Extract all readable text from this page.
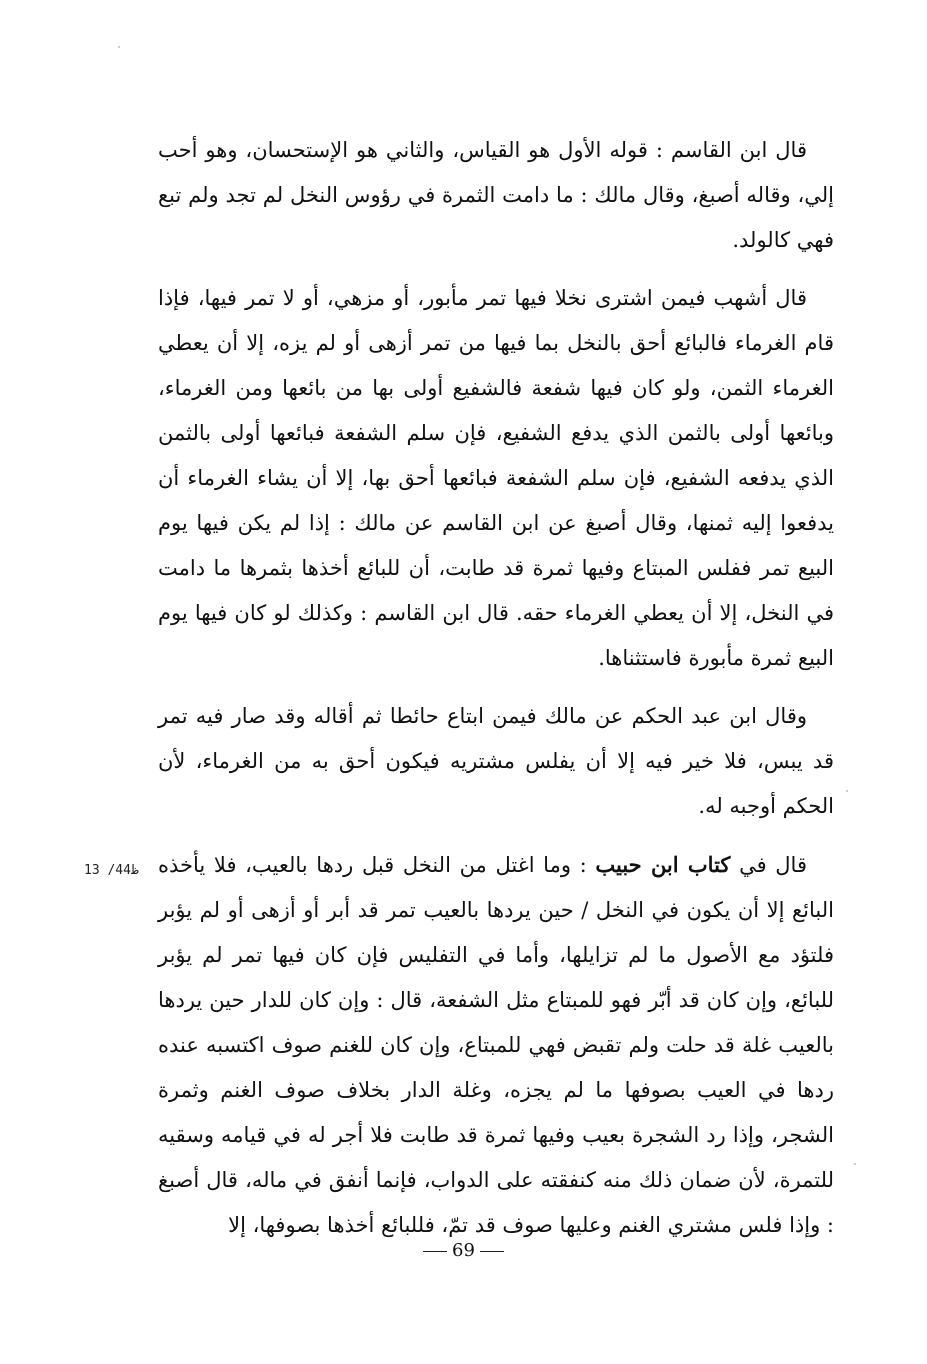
قال ابن القاسم : قوله الأول هو القياس، والثاني هو الإستحسان، وهو أحب إلي، وقاله أصبغ، وقال مالك : ما دامت الثمرة في رؤوس النخل لم تجد ولم تبع فهي كالولد.

قال أشهب فيمن اشترى نخلا فيها تمر مأبور، أو مزهي، أو لا تمر فيها، فإذا قام الغرماء فالبائع أحق بالنخل بما فيها من تمر أزهى أو لم يزه، إلا أن يعطي الغرماء الثمن، ولو كان فيها شفعة فالشفيع أولى بها من بائعها ومن الغرماء، وبائعها أولى بالثمن الذي يدفع الشفيع، فإن سلم الشفعة فبائعها أولى بالثمن الذي يدفعه الشفيع، فإن سلم الشفعة فبائعها أحق بها، إلا أن يشاء الغرماء أن يدفعوا إليه ثمنها، وقال أصبغ عن ابن القاسم عن مالك : إذا لم يكن فيها يوم البيع تمر ففلس المبتاع وفيها ثمرة قد طابت، أن للبائع أخذها بثمرها ما دامت في النخل، إلا أن يعطي الغرماء حقه. قال ابن القاسم : وكذلك لو كان فيها يوم البيع ثمرة مأبورة فاستثناها.

وقال ابن عبد الحكم عن مالك فيمن ابتاع حائطا ثم أقاله وقد صار فيه تمر قد يبس، فلا خير فيه إلا أن يفلس مشتريه فيكون أحق به من الغرماء، لأن الحكم أوجبه له.

قال في كتاب ابن حبيب : وما اغتل من النخل قبل ردها بالعيب، فلا يأخذه البائع إلا أن يكون في النخل / حين يردها بالعيب تمر قد أبر أو أزهى أو لم يؤبر فلتؤد مع الأصول ما لم تزايلها، وأما في التفليس فإن كان فيها تمر لم يؤبر للبائع، وإن كان قد أبّر فهو للمبتاع مثل الشفعة، قال : وإن كان للدار حين يردها بالعيب غلة قد حلت ولم تقبض فهي للمبتاع، وإن كان للغنم صوف اكتسبه عنده ردها في العيب بصوفها ما لم يجزه، وغلة الدار بخلاف صوف الغنم وثمرة الشجر، وإذا رد الشجرة بعيب وفيها ثمرة قد طابت فلا أجر له في قيامه وسقيه للتمرة، لأن ضمان ذلك منه كنفقته على الدواب، فإنما أنفق في ماله، قال أصبغ : وإذا فلس مشتري الغنم وعليها صوف قد تمّ، فللبائع أخذها بصوفها، إلا

13 /44ظ
69
